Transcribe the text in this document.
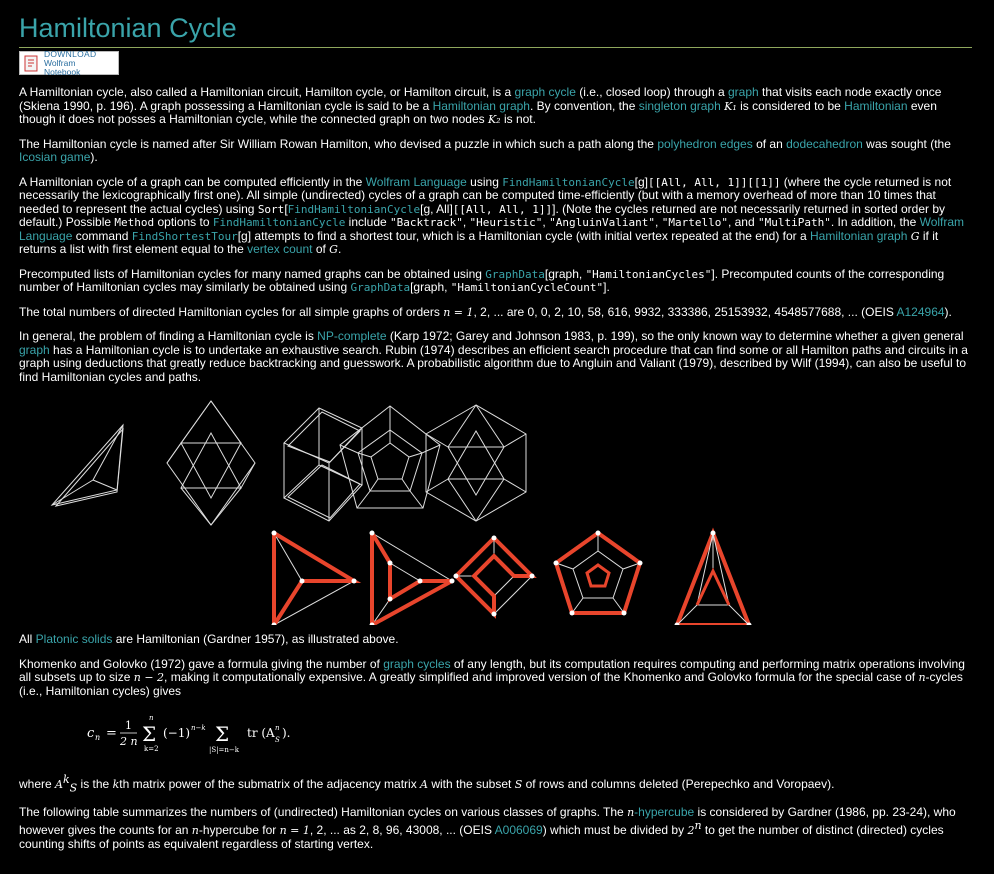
Hamiltonian Cycle
DOWNLOAD
Wolfram Notebook

A Hamiltonian cycle, also called a Hamiltonian circuit, Hamilton cycle, or Hamilton circuit, is a graph cycle (i.e., closed loop) through a graph that visits each node exactly once (Skiena 1990, p. 196). A graph possessing a Hamiltonian cycle is said to be a Hamiltonian graph. By convention, the singleton graph K₁ is considered to be Hamiltonian even though it does not posses a Hamiltonian cycle, while the connected graph on two nodes K₂ is not.

The Hamiltonian cycle is named after Sir William Rowan Hamilton, who devised a puzzle in which such a path along the polyhedron edges of an dodecahedron was sought (the Icosian game).

A Hamiltonian cycle of a graph can be computed efficiently in the Wolfram Language using FindHamiltonianCycle[g][[All, All, 1]][[1]] (where the cycle returned is not necessarily the lexicographically first one). All simple (undirected) cycles of a graph can be computed time-efficiently (but with a memory overhead of more than 10 times that needed to represent the actual cycles) using Sort[FindHamiltonianCycle[g, All][[All, All, 1]]]. (Note the cycles returned are not necessarily returned in sorted order by default.) Possible Method options to FindHamiltonianCycle include "Backtrack", "Heuristic", "AngluinValiant", "Martello", and "MultiPath". In addition, the Wolfram Language command FindShortestTour[g] attempts to find a shortest tour, which is a Hamiltonian cycle (with initial vertex repeated at the end) for a Hamiltonian graph G if it returns a list with first element equal to the vertex count of G.

Precomputed lists of Hamiltonian cycles for many named graphs can be obtained using GraphData[graph, "HamiltonianCycles"]. Precomputed counts of the corresponding number of Hamiltonian cycles may similarly be obtained using GraphData[graph, "HamiltonianCycleCount"].

The total numbers of directed Hamiltonian cycles for all simple graphs of orders n = 1, 2, ... are 0, 0, 2, 10, 58, 616, 9932, 333386, 25153932, 4548577688, ... (OEIS A124964).

In general, the problem of finding a Hamiltonian cycle is NP-complete (Karp 1972; Garey and Johnson 1983, p. 199), so the only known way to determine whether a given general graph has a Hamiltonian cycle is to undertake an exhaustive search. Rubin (1974) describes an efficient search procedure that can find some or all Hamilton paths and circuits in a graph using deductions that greatly reduce backtracking and guesswork. A probabilistic algorithm due to Angluin and Valiant (1979), described by Wilf (1994), can also be useful to find Hamiltonian cycles and paths.

All Platonic solids are Hamiltonian (Gardner 1957), as illustrated above.

Khomenko and Golovko (1972) gave a formula giving the number of graph cycles of any length, but its computation requires computing and performing matrix operations involving all subsets up to size n − 2, making it computationally expensive. A greatly simplified and improved version of the Khomenko and Golovko formula for the special case of n-cycles (i.e., Hamiltonian cycles) gives

c n =
1
2 n
n
Σ
k=2
(−1) n−k Σ
|S|=n−k
tr (A n
S ).

where $A^k_S$ is the kth matrix power of the submatrix of the adjacency matrix A with the subset S of rows and columns deleted (Perepechko and Voropaev).

The following table summarizes the numbers of (undirected) Hamiltonian cycles on various classes of graphs. The n-hypercube is considered by Gardner (1986, pp. 23-24), who however gives the counts for an n-hypercube for n = 1, 2, ... as 2, 8, 96, 43008, ... (OEIS A006069) which must be divided by 2$^n$ to get the number of distinct (directed) cycles counting shifts of points as equivalent regardless of starting vertex.
